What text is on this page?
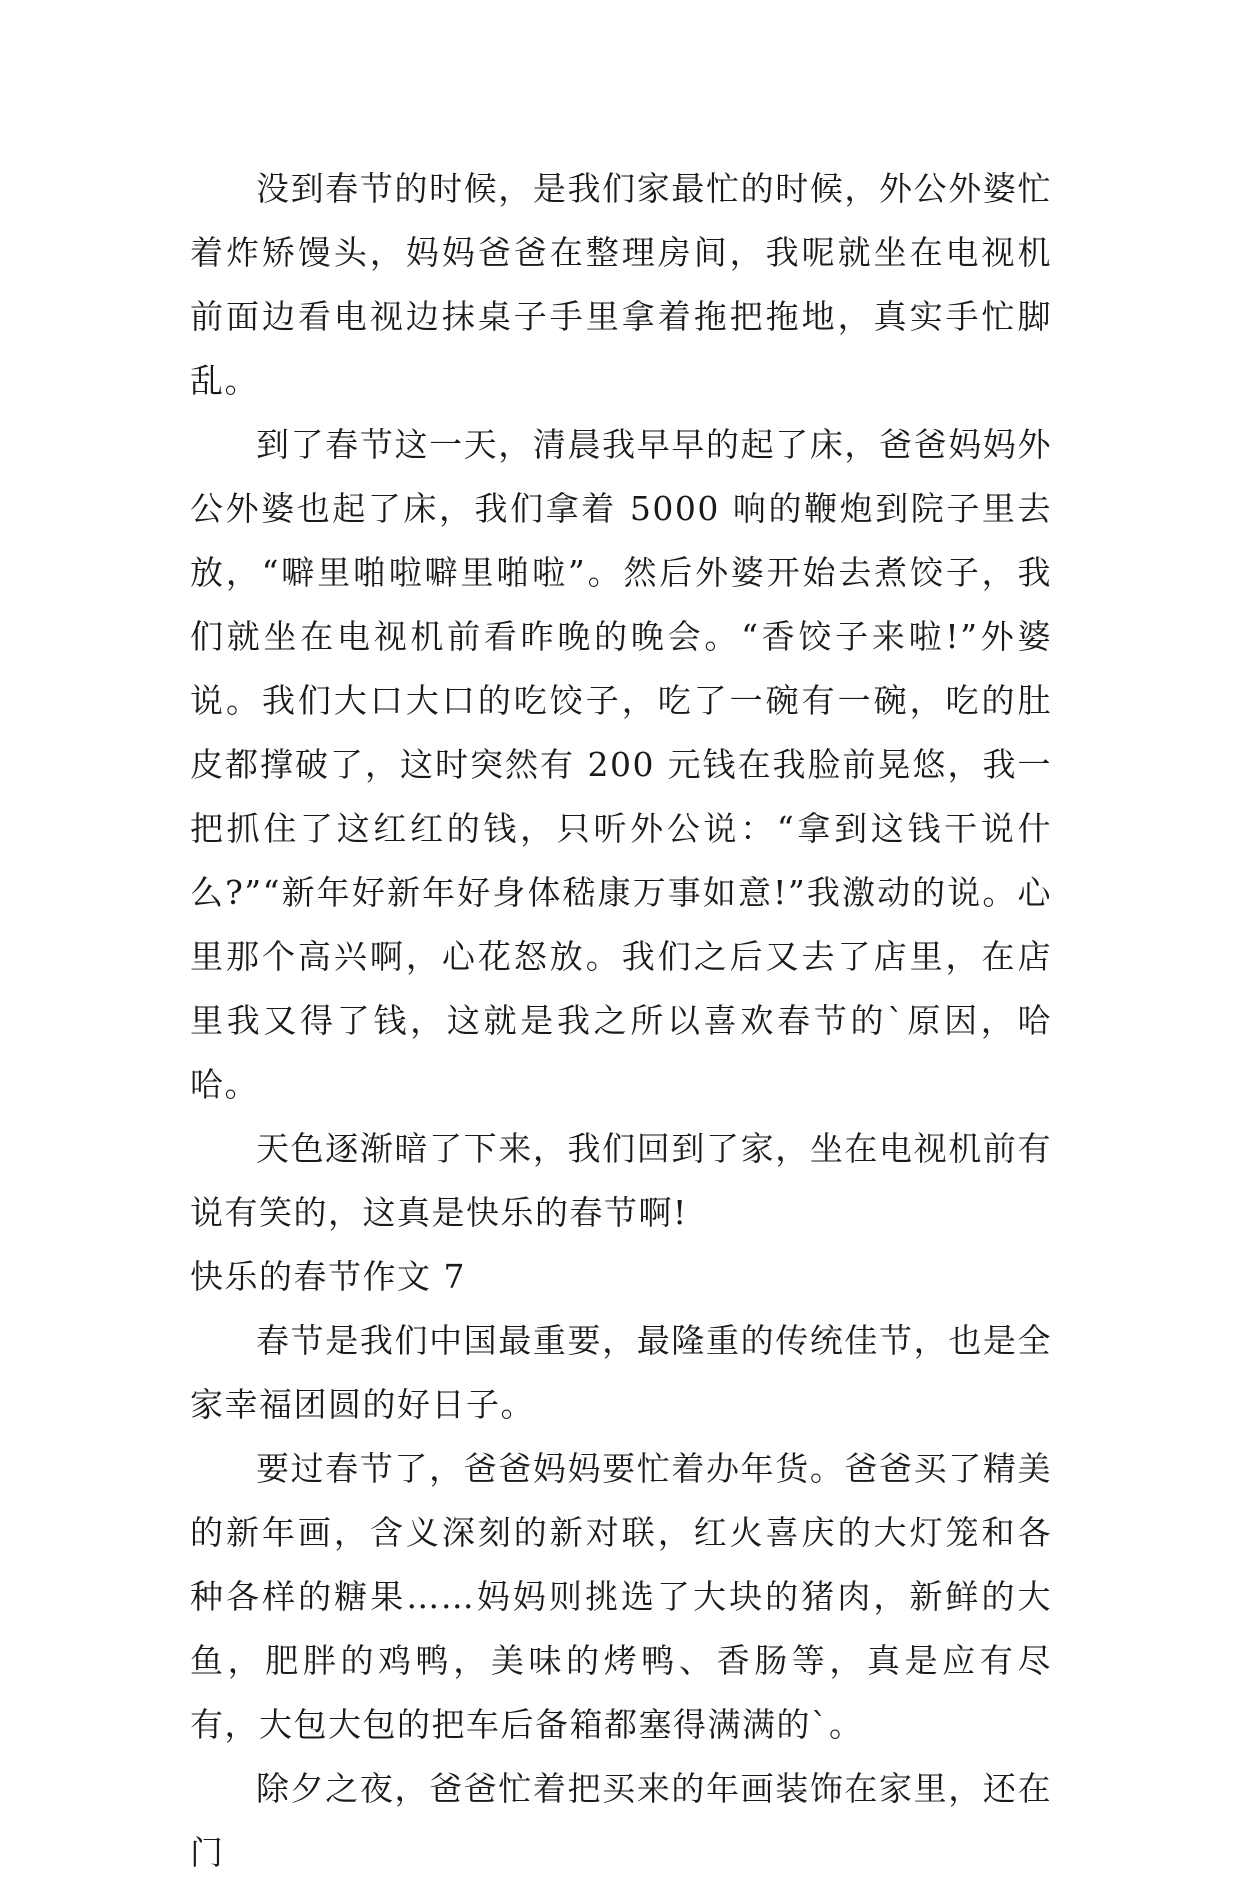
没到春节的时候，是我们家最忙的时候，外公外婆忙着炸矫馒头，妈妈爸爸在整理房间，我呢就坐在电视机前面边看电视边抹桌子手里拿着拖把拖地，真实手忙脚乱。

到了春节这一天，清晨我早早的起了床，爸爸妈妈外公外婆也起了床，我们拿着 5000 响的鞭炮到院子里去放，“噼里啪啦噼里啪啦”。然后外婆开始去煮饺子，我们就坐在电视机前看昨晚的晚会。“香饺子来啦!”外婆说。我们大口大口的吃饺子，吃了一碗有一碗，吃的肚皮都撑破了，这时突然有 200 元钱在我脸前晃悠，我一把抓住了这红红的钱，只听外公说：“拿到这钱干说什么?”“新年好新年好身体嵇康万事如意!”我激动的说。心里那个高兴啊，心花怒放。我们之后又去了店里，在店里我又得了钱，这就是我之所以喜欢春节的`原因，哈哈。

天色逐渐暗了下来，我们回到了家，坐在电视机前有说有笑的，这真是快乐的春节啊!

快乐的春节作文 7

春节是我们中国最重要，最隆重的传统佳节，也是全家幸福团圆的好日子。

要过春节了，爸爸妈妈要忙着办年货。爸爸买了精美的新年画，含义深刻的新对联，红火喜庆的大灯笼和各种各样的糖果……妈妈则挑选了大块的猪肉，新鲜的大鱼，肥胖的鸡鸭，美味的烤鸭、香肠等，真是应有尽有，大包大包的把车后备箱都塞得满满的`。

除夕之夜，爸爸忙着把买来的年画装饰在家里，还在门
